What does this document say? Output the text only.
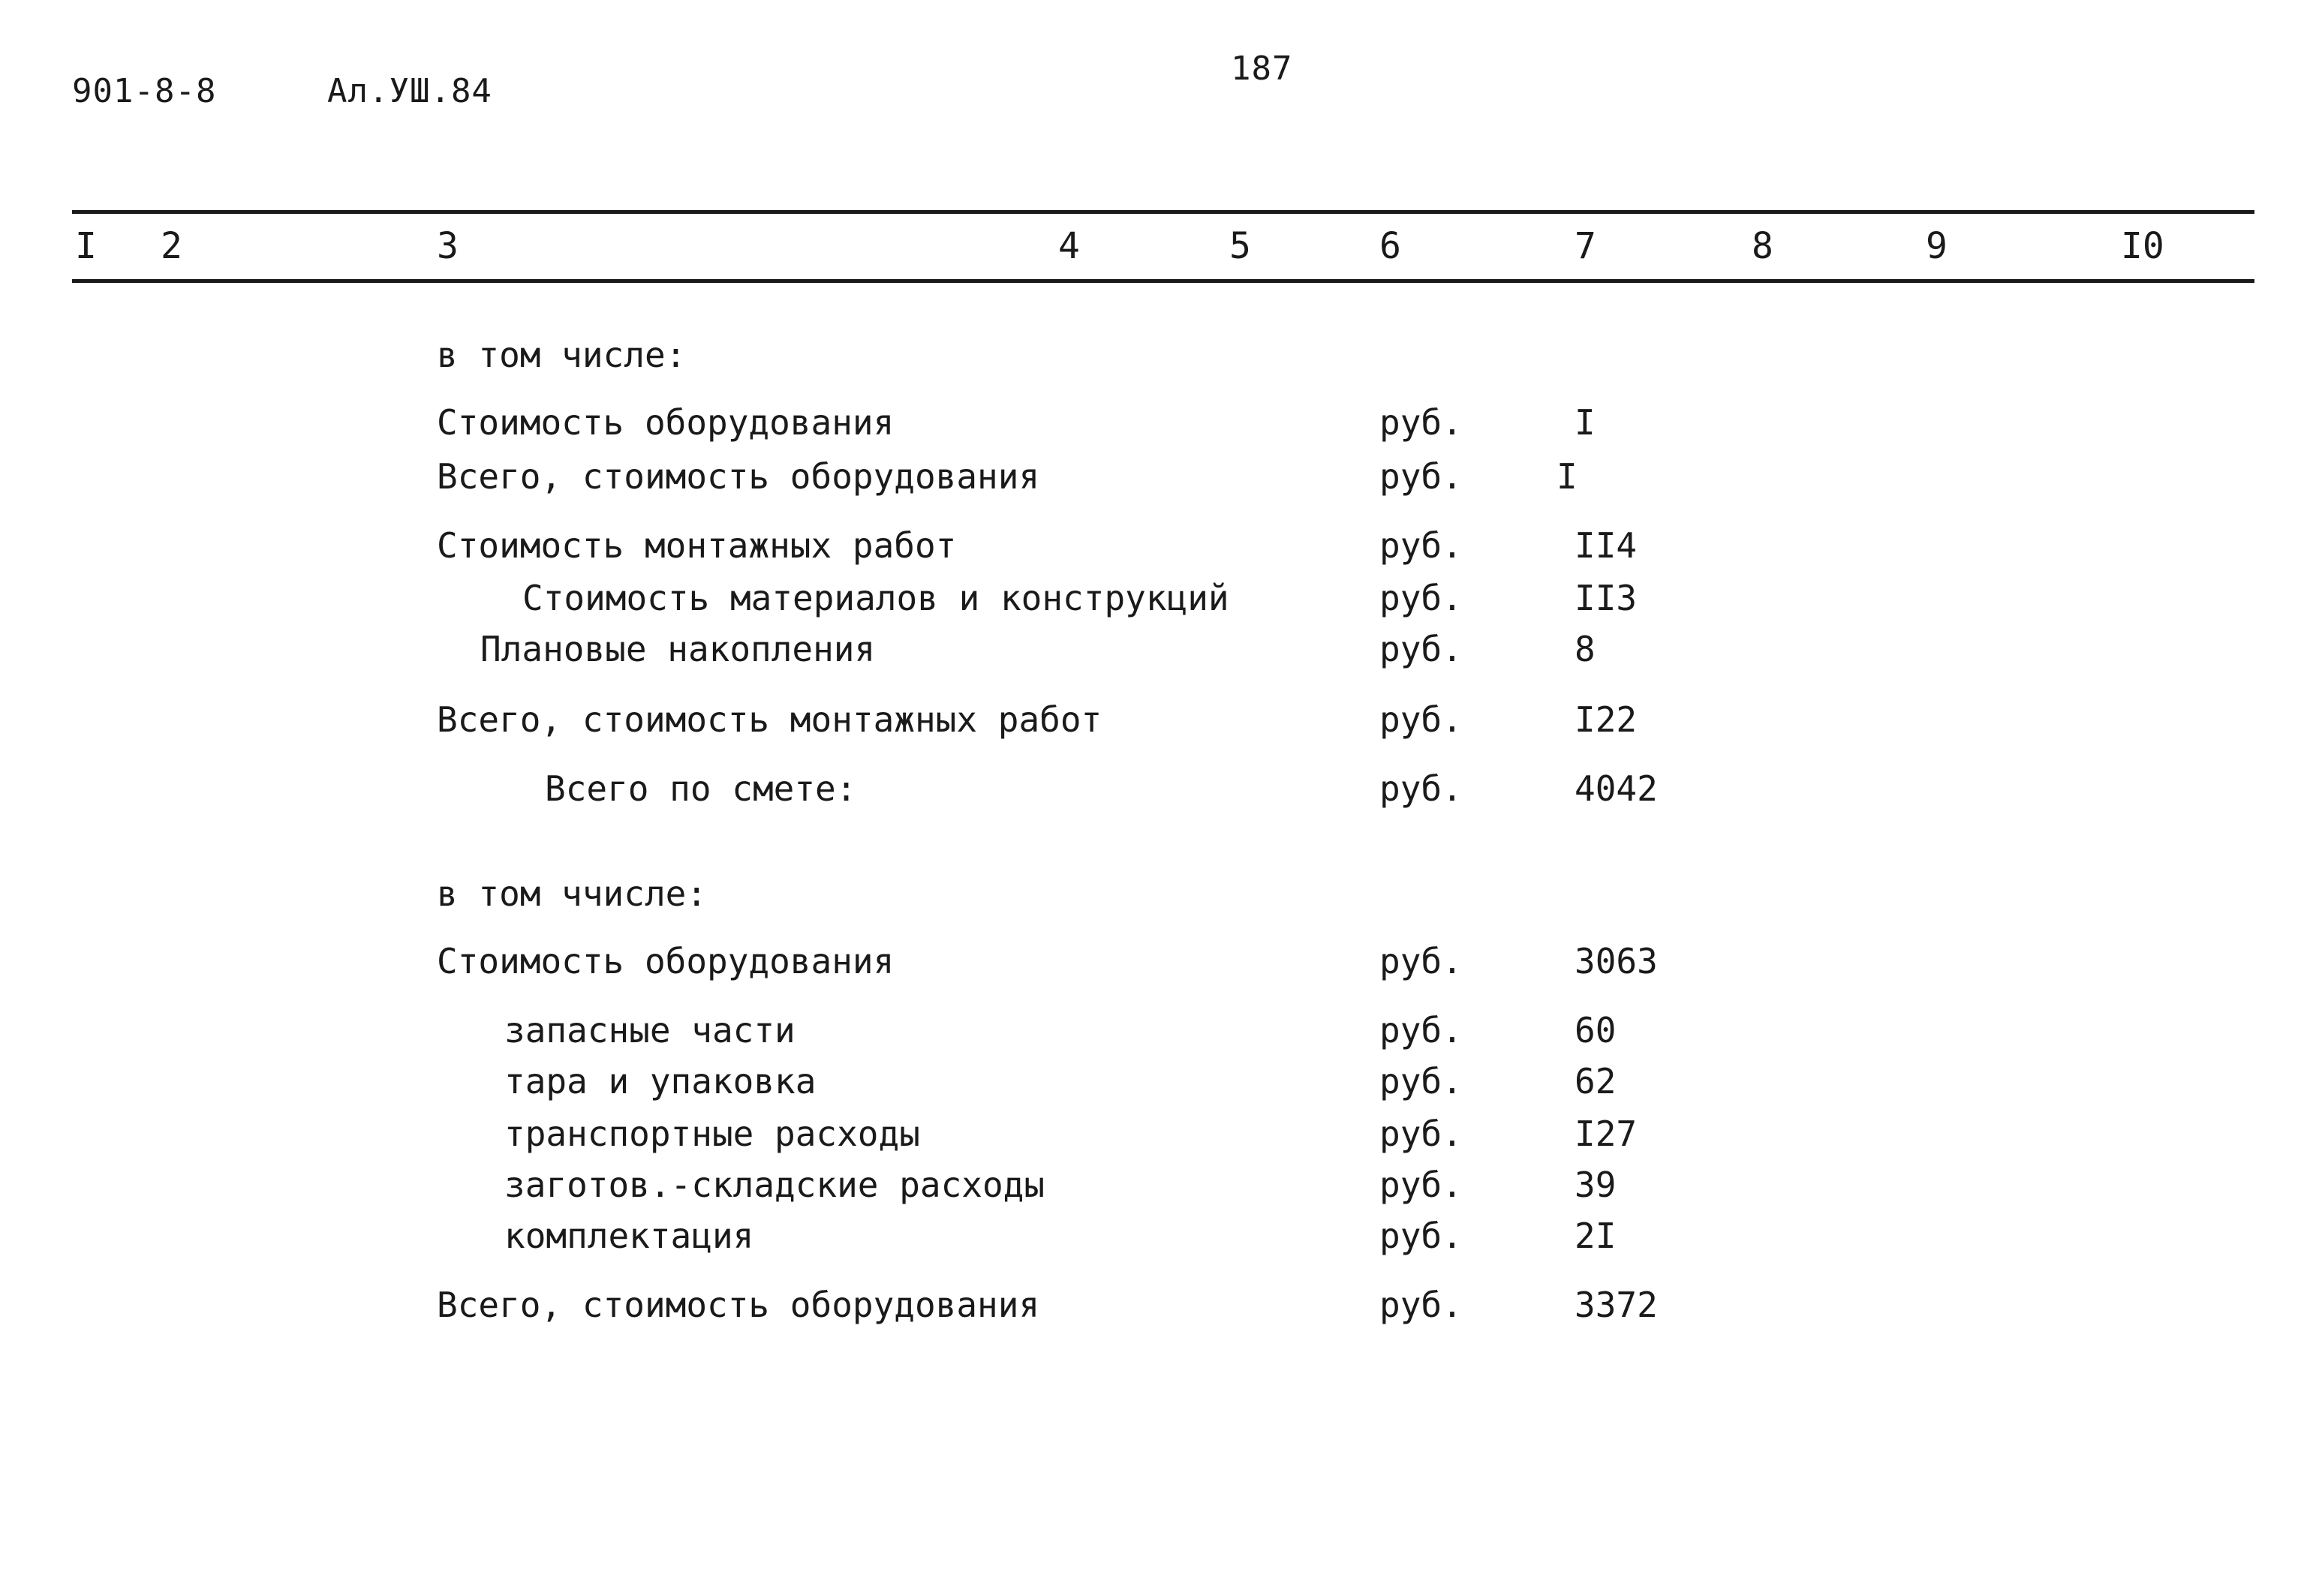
901-8-8	Ал.УШ.84
187
I 2	3	4	5	6	7	8	9	I0
в том числе:
Стоимость оборудования	руб.	I
Всего, стоимость оборудования	руб.	I
Стоимость монтажных работ	руб.	II4
Стоимость материалов и конструкций	руб.	II3
Плановые накопления	руб.	8
Всего, стоимость монтажных работ	руб.	I22
Всего по смете:	руб.	4042
в том ччисле:
Стоимость оборудования	руб.	3063
запасные части	руб.	60
тара и упаковка	руб.	62
транспортные расходы	руб.	I27
заготов.-складские расходы	руб.	39
комплектация	руб.	2I
Всего, стоимость оборудования	руб.	3372
